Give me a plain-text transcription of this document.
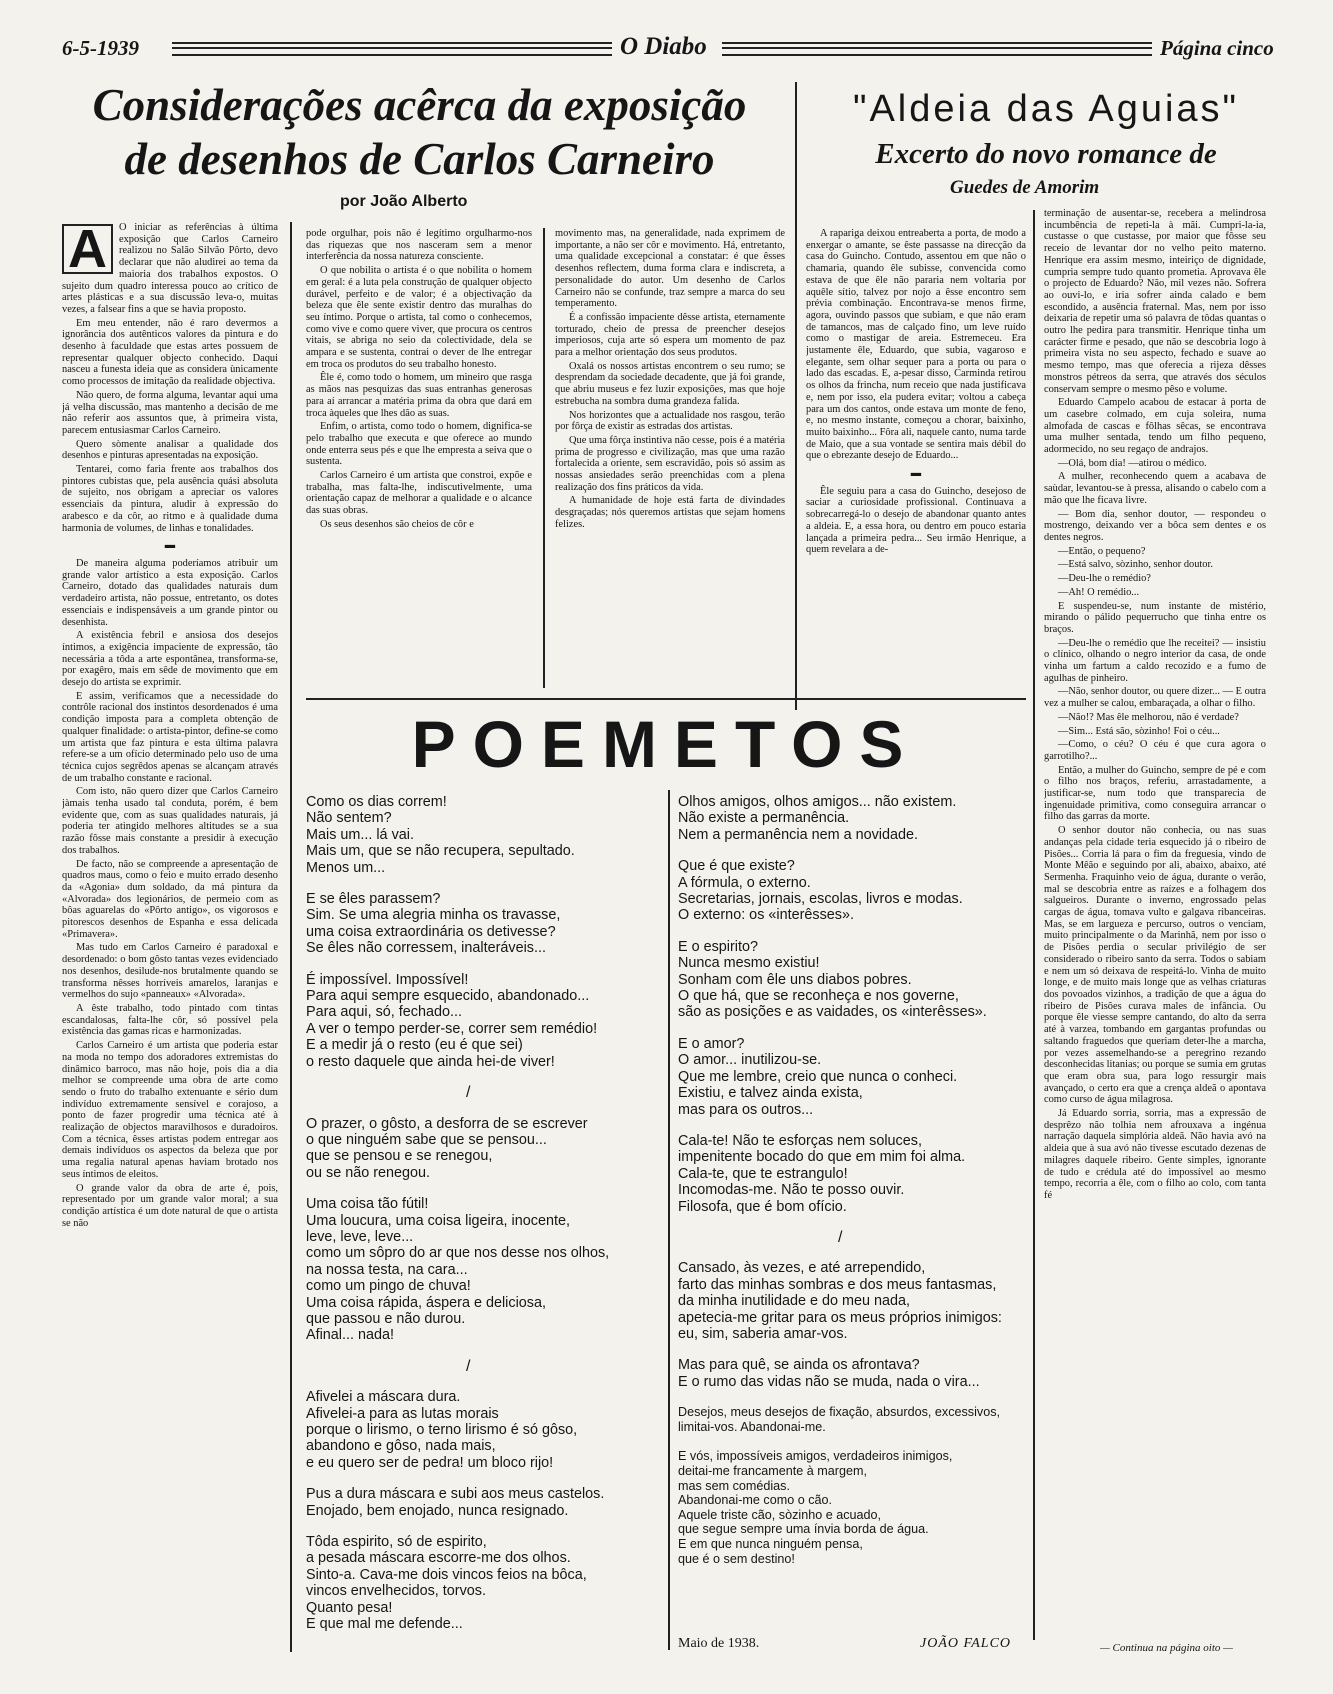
6-5-1939	O Diabo	Página cinco
Considerações acêrca da exposição
de desenhos de Carlos Carneiro
por João Alberto
"Aldeia das Aguias"
Excerto do novo romance de
Guedes de Amorim
A	O iniciar as referências à última exposição que Carlos Carneiro realizou no Salão Silvão Pôrto, devo declarar que não aludirei ao tema da maioria dos trabalhos expostos. O sujeito dum quadro interessa pouco ao crítico de artes plásticas e a sua discussão leva-o, muitas vezes, a falsear fins a que se havia proposto.

Em meu entender, não é raro devermos a ignorância dos autênticos valores da pintura e do desenho à faculdade que estas artes possuem de representar qualquer objecto conhecido. Daqui nasceu a funesta ideia que as considera ùnicamente como processos de imitação da realidade objectiva.

Não quero, de forma alguma, levantar aqui uma já velha discussão, mas mantenho a decisão de me não referir aos assuntos que, à primeira vista, parecem entusiasmar Carlos Carneiro.

Quero sòmente analisar a qualidade dos desenhos e pinturas apresentadas na exposição.

Tentarei, como faria frente aos trabalhos dos pintores cubistas que, pela ausência quási absoluta de sujeito, nos obrigam a apreciar os valores essenciais da pintura, aludir à expressão do arabesco e da côr, ao ritmo e à qualidade duma harmonia de volumes, de linhas e tonalidades.

▬

De maneira alguma poderíamos atribuir um grande valor artístico a esta exposição. Carlos Carneiro, dotado das qualidades naturais dum verdadeiro artista, não possue, entretanto, os dotes essenciais e indispensáveis a um grande pintor ou desenhista.

A existência febril e ansiosa dos desejos íntimos, a exigência impaciente de expressão, tão necessária a tôda a arte espontânea, transforma-se, por exagêro, mais em sêde de movimento que em desejo do artista se exprimir.

E assim, verificamos que a necessidade do contrôle racional dos instintos desordenados é uma condição imposta para a completa obtenção de qualquer finalidade: o artista-pintor, define-se como um artista que faz pintura e esta última palavra refere-se a um ofício determinado pelo uso de uma técnica cujos segrêdos apenas se alcançam através de um trabalho constante e racional.

Com isto, não quero dizer que Carlos Carneiro jàmais tenha usado tal conduta, porém, é bem evidente que, com as suas qualidades naturais, já poderia ter atingido melhores altitudes se a sua razão fôsse mais constante a presidir à execução dos trabalhos.

De facto, não se compreende a apresentação de quadros maus, como o feio e muito errado desenho da «Agonia» dum soldado, da má pintura da «Alvorada» dos legionários, de permeio com as bôas aguarelas do «Pôrto antigo», os vigorosos e pitorescos desenhos de Espanha e essa delicada «Primavera».

Mas tudo em Carlos Carneiro é paradoxal e desordenado: o bom gôsto tantas vezes evidenciado nos desenhos, desilude-nos brutalmente quando se transforma nêsses horríveis amarelos, laranjas e vermelhos do sujo «panneaux» «Alvorada».

A êste trabalho, todo pintado com tintas escandalosas, falta-lhe côr, só possível pela existência das gamas ricas e harmonizadas.

Carlos Carneiro é um artista que poderia estar na moda no tempo dos adoradores extremistas do dinâmico barroco, mas não hoje, pois dia a dia melhor se compreende uma obra de arte como sendo o fruto do trabalho extenuante e sério dum indivíduo extremamente sensível e corajoso, a ponto de fazer progredir uma técnica até à realização de objectos maravilhosos e duradoiros. Com a técnica, êsses artistas podem entregar aos demais indivíduos os aspectos da beleza que por uma regalia natural apenas haviam brotado nos seus íntimos de eleitos.

O grande valor da obra de arte é, pois, representado por um grande valor moral; a sua condição artística é um dote natural de que o artista se não

pode orgulhar, pois não é legítimo orgulharmo-nos das riquezas que nos nasceram sem a menor interferência da nossa natureza consciente.

O que nobilita o artista é o que nobilita o homem em geral: é a luta pela construção de qualquer objecto durável, perfeito e de valor; é a objectivação da beleza que êle sente existir dentro das muralhas do seu íntimo. Porque o artista, tal como o conhecemos, como vive e como quere viver, que procura os centros vitais, se abriga no seio da colectividade, dela se ampara e se sustenta, contrai o dever de lhe entregar em troca os produtos do seu trabalho honesto.

Êle é, como todo o homem, um mineiro que rasga as mãos nas pesquizas das suas entranhas generosas para aí arrancar a matéria prima da obra que dará em troca àqueles que lhes dão as suas.

Enfim, o artista, como todo o homem, dignifica-se pelo trabalho que executa e que oferece ao mundo onde enterra seus pés e que lhe empresta a seiva que o sustenta.

Carlos Carneiro é um artista que constroi, expõe e trabalha, mas falta-lhe, indiscutìvelmente, uma orientação capaz de melhorar a qualidade e o alcance das suas obras.

Os seus desenhos são cheios de côr e

movimento mas, na generalidade, nada exprimem de importante, a não ser côr e movimento. Há, entretanto, uma qualidade excepcional a constatar: é que êsses desenhos reflectem, duma forma clara e indiscreta, a personalidade do autor. Um desenho de Carlos Carneiro não se confunde, traz sempre a marca do seu temperamento.

É a confissão impaciente dêsse artista, eternamente torturado, cheio de pressa de preencher desejos imperiosos, cuja arte só espera um momento de paz para a melhor orientação dos seus produtos.

Oxalá os nossos artistas encontrem o seu rumo; se desprendam da sociedade decadente, que já foi grande, que abriu museus e fez luzir exposições, mas que hoje estrebucha na sombra duma grandeza falida.

Nos horizontes que a actualidade nos rasgou, terão por fôrça de existir as estradas dos artistas.

Que uma fôrça instintiva não cesse, pois é a matéria prima de progresso e civilização, mas que uma razão fortalecida a oriente, sem escravidão, pois só assim as nossas ansiedades serão preenchidas com a plena realização dos fins práticos da vida.

A humanidade de hoje está farta de divindades desgraçadas; nós queremos artistas que sejam homens felizes.

A rapariga deixou entreaberta a porta, de modo a enxergar o amante, se êste passasse na direcção da casa do Guincho. Contudo, assentou em que não o chamaria, quando êle subisse, convencida como estava de que êle não pararia nem voltaria por aquêle sítio, talvez por nojo a êsse encontro sem prévia combinação. Encontrava-se menos firme, agora, ouvindo passos que subiam, e que não eram de tamancos, mas de calçado fino, um leve ruído como o mastigar de areia. Estremeceu. Era justamente êle, Eduardo, que subia, vagaroso e elegante, sem olhar sequer para a porta ou para o lado das escadas. E, a-pesar disso, Carminda retirou os olhos da frincha, num receio que nada justificava e, nem por isso, ela pudera evitar; voltou a cabeça para um dos cantos, onde estava um monte de feno, e, no mesmo instante, começou a chorar, baixinho, muito baixinho... Fôra ali, naquele canto, numa tarde de Maio, que a sua vontade se sentira mais débil do que o ebrezante desejo de Eduardo...

▬

Êle seguiu para a casa do Guincho, desejoso de saciar a curiosidade profissional. Continuava a sobrecarregá-lo o desejo de abandonar quanto antes a aldeia. E, a essa hora, ou dentro em pouco estaria lançada a primeira pedra... Seu irmão Henrique, a quem revelara a de-

terminação de ausentar-se, recebera a melindrosa incumbência de repeti-la à mãi. Cumpri-la-ia, custasse o que custasse, por maior que fôsse seu receio de levantar dor no velho peito materno. Henrique era assim mesmo, inteiriço de dignidade, cumpria sempre tudo quanto prometia. Aprovava êle o projecto de Eduardo? Não, mil vezes não. Sofrera ao ouvi-lo, e iria sofrer ainda calado e bem escondido, a ausência fraternal. Mas, nem por isso deixaria de repetir uma só palavra de tôdas quantas o outro lhe pedira para transmitir. Henrique tinha um carácter firme e pesado, que não se descobria logo à primeira vista no seu aspecto, fechado e suave ao mesmo tempo, mas que oferecia a rijeza dêsses monstros pétreos da serra, que através dos séculos conservam sempre o mesmo pêso e volume.

Eduardo Campelo acabou de estacar à porta de um casebre colmado, em cuja soleira, numa almofada de cascas e fôlhas sêcas, se encontrava uma mulher sentada, tendo um filho pequeno, adormecido, no seu regaço de andrajos.

—Olá, bom dia! —atirou o médico.

A mulher, reconhecendo quem a acabava de saùdar, levantou-se à pressa, alisando o cabelo com a mão que lhe ficava livre.

— Bom dia, senhor doutor, — respondeu o mostrengo, deixando ver a bôca sem dentes e os dentes negros.

—Então, o pequeno?

—Está salvo, sòzinho, senhor doutor.

—Deu-lhe o remédio?

—Ah! O remédio...

E suspendeu-se, num instante de mistério, mirando o pálido pequerrucho que tinha entre os braços.

—Deu-lhe o remédio que lhe receitei? — insistiu o clínico, olhando o negro interior da casa, de onde vinha um fartum a caldo recozido e a fumo de agulhas de pinheiro.

—Não, senhor doutor, ou quere dizer... — E outra vez a mulher se calou, embaraçada, a olhar o filho.

—Não!? Mas êle melhorou, não é verdade?

—Sim... Está são, sòzinho! Foi o céu...

—Como, o céu? O céu é que cura agora o garrotilho?...

Então, a mulher do Guincho, sempre de pé e com o filho nos braços, referiu, arrastadamente, a justificar-se, num todo que transparecia de ingenuidade primitiva, como conseguira arrancar o filho das garras da morte.

O senhor doutor não conhecia, ou nas suas andanças pela cidade teria esquecido já o ribeiro de Pisões... Corria lá para o fim da freguesia, vindo de Monte Mêão e seguindo por ali, abaixo, abaixo, até Sermenha. Fraquinho veio de água, durante o verão, mal se descobria entre as raízes e a folhagem dos salgueiros. Durante o inverno, engrossado pelas cargas de água, tomava vulto e galgava ribanceiras. Mas, se em largueza e percurso, outros o venciam, muito principalmente o da Marinhã, nem por isso o de Pisões perdia o secular privilégio de ser considerado o ribeiro santo da serra. Todos o sabiam e nem um só deixava de respeitá-lo. Vinha de muito longe, e de muito mais longe que as velhas criaturas dos povoados vizinhos, a tradição de que a água do ribeiro de Pisões curava males de infância. Ou porque êle viesse sempre cantando, do alto da serra até à varzea, tombando em gargantas profundas ou saltando fraguedos que queriam deter-lhe a marcha, por vezes assemelhando-se a peregrino rezando desconhecidas litanias; ou porque se sumia em grutas que eram obra sua, para logo ressurgir mais avançado, o certo era que a crença aldeã o apontava como curso de água milagrosa.

Já Eduardo sorria, sorria, mas a expressão de desprêzo não tolhia nem afrouxava a ingénua narração daquela simplória aldeã. Não havia avó na aldeia que à sua avó não tivesse escutado dezenas de milagres daquele ribeiro. Gente simples, ignorante de tudo e crédula até do impossível ao mesmo tempo, recorria a êle, com o filho ao colo, com tanta fé

— Continua na página oito —
POEMETOS
Como os dias correm!
Não sentem?
Mais um... lá vai.
Mais um, que se não recupera, sepultado.
Menos um...
E se êles parassem?
Sim. Se uma alegria minha os travasse,
uma coisa extraordinária os detivesse?
Se êles não corressem, inalteráveis...
É impossível. Impossível!
Para aqui sempre esquecido, abandonado...
Para aqui, só, fechado...
A ver o tempo perder-se, correr sem remédio!
E a medir já o resto (eu é que sei)
o resto daquele que ainda hei-de viver!
/
O prazer, o gôsto, a desforra de se escrever
o que ninguém sabe que se pensou...
que se pensou e se renegou,
ou se não renegou.
Uma coisa tão fútil!
Uma loucura, uma coisa ligeira, inocente,
leve, leve, leve...
como um sôpro do ar que nos desse nos olhos,
na nossa testa, na cara...
como um pingo de chuva!
Uma coisa rápida, áspera e deliciosa,
que passou e não durou.
Afinal... nada!
/
Afivelei a máscara dura.
Afivelei-a para as lutas morais
porque o lirismo, o terno lirismo é só gôso,
abandono e gôso, nada mais,
e eu quero ser de pedra! um bloco rijo!
Pus a dura máscara e subi aos meus castelos.
Enojado, bem enojado, nunca resignado.
Tôda espirito, só de espirito,
a pesada máscara escorre-me dos olhos.
Sinto-a. Cava-me dois vincos feios na bôca,
vincos envelhecidos, torvos.
Quanto pesa!
E que mal me defende...
Olhos amigos, olhos amigos... não existem.
Não existe a permanência.
Nem a permanência nem a novidade.
Que é que existe?
A fórmula, o externo.
Secretarias, jornais, escolas, livros e modas.
O externo: os «interêsses».
E o espirito?
Nunca mesmo existiu!
Sonham com êle uns diabos pobres.
O que há, que se reconheça e nos governe,
são as posições e as vaidades, os «interêsses».
E o amor?
O amor... inutilizou-se.
Que me lembre, creio que nunca o conheci.
Existiu, e talvez ainda exista,
mas para os outros...
Cala-te! Não te esforças nem soluces,
impenitente bocado do que em mim foi alma.
Cala-te, que te estrangulo!
Incomodas-me. Não te posso ouvir.
Filosofa, que é bom ofício.
/
Cansado, às vezes, e até arrependido,
farto das minhas sombras e dos meus fantasmas,
da minha inutilidade e do meu nada,
apetecia-me gritar para os meus próprios inimigos:
eu, sim, saberia amar-vos.
Mas para quê, se ainda os afrontava?
E o rumo das vidas não se muda, nada o vira...
Desejos, meus desejos de fixação, absurdos, excessivos,
limitai-vos. Abandonai-me.
E vós, impossíveis amigos, verdadeiros inimigos,
deitai-me francamente à margem,
mas sem comédias.
Abandonai-me como o cão.
Aquele triste cão, sòzinho e acuado,
que segue sempre uma ínvia borda de água.
E em que nunca ninguém pensa,
que é o sem destino!
Maio de 1938.	JOÃO FALCO
